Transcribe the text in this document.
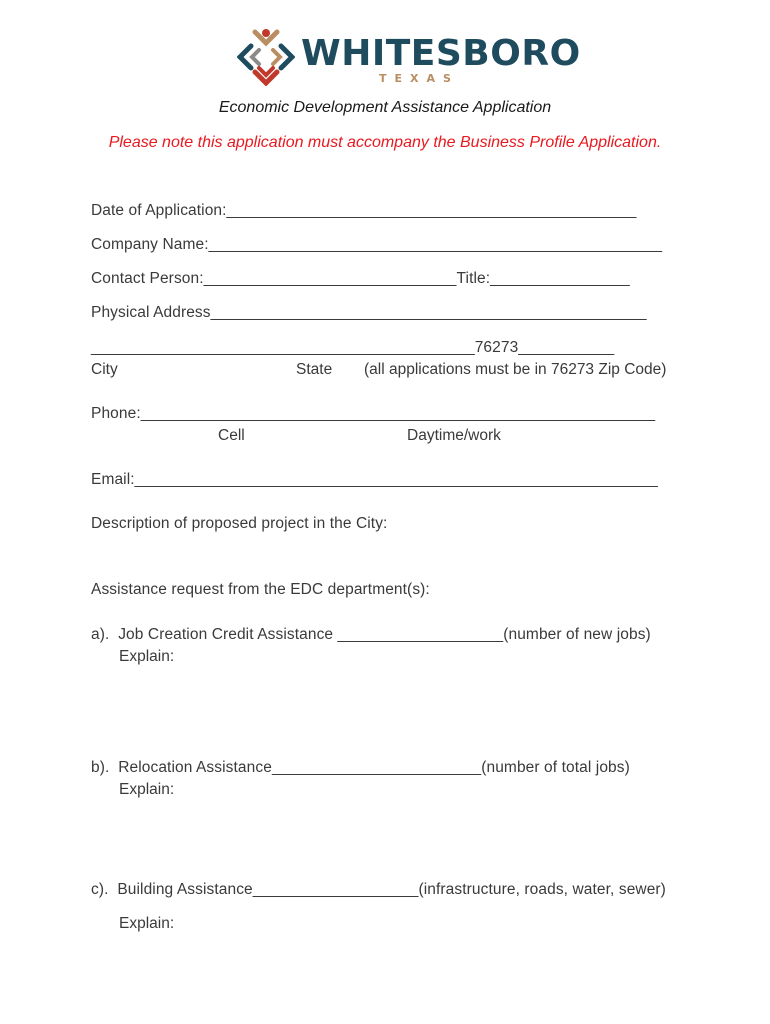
WHITESBORO
TEXAS
Economic Development Assistance Application
Please note this application must accompany the Business Profile Application.
Date of Application:_______________________________________________
Company Name:____________________________________________________
Contact Person:_____________________________Title:________________
Physical Address__________________________________________________
____________________________________________76273___________
City	State (all applications must be in 76273 Zip Code)
Phone:___________________________________________________________
Cell	Daytime/work
Email:____________________________________________________________
Description of proposed project in the City:
Assistance request from the EDC department(s):
a).  Job Creation Credit Assistance ___________________(number of new jobs)
Explain:
b).  Relocation Assistance________________________(number of total jobs)
Explain:
c).  Building Assistance___________________(infrastructure, roads, water, sewer)
Explain:
